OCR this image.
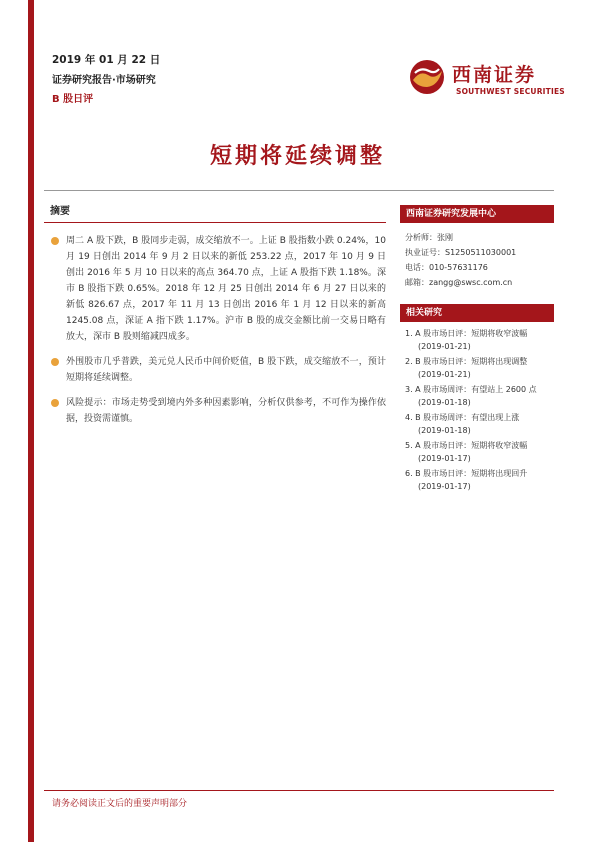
2019 年 01 月 22 日
证券研究报告·市场研究
B 股日评
西南证券
SOUTHWEST SECURITIES
短期将延续调整
摘要
周二 A 股下跌，B 股同步走弱，成交缩放不一。上证 B 股指数小跌 0.24%，10 月 19 日创出 2014 年 9 月 2 日以来的新低 253.22 点，2017 年 10 月 9 日创出 2016 年 5 月 10 日以来的高点 364.70 点，上证 A 股指下跌 1.18%。深市 B 股指下跌 0.65%。2018 年 12 月 25 日创出 2014 年 6 月 27 日以来的新低 826.67 点，2017 年 11 月 13 日创出 2016 年 1 月 12 日以来的新高 1245.08 点，深证 A 指下跌 1.17%。沪市 B 股的成交金额比前一交易日略有放大，深市 B 股则缩减四成多。
外围股市几乎普跌，美元兑人民币中间价贬值，B 股下跌，成交缩放不一，预计短期将延续调整。
风险提示：市场走势受到境内外多种因素影响，分析仅供参考，不可作为操作依据，投资需谨慎。
西南证券研究发展中心
分析师：张刚
执业证号：S1250511030001
电话：010-57631176
邮箱：zangg@swsc.com.cn
相关研究
1. A 股市场日评：短期将收窄波幅
(2019-01-21)
2. B 股市场日评：短期将出现调整
(2019-01-21)
3. A 股市场周评：有望站上 2600 点
(2019-01-18)
4. B 股市场周评：有望出现上涨
(2019-01-18)
5. A 股市场日评：短期将收窄波幅
(2019-01-17)
6. B 股市场日评：短期将出现回升
(2019-01-17)
请务必阅读正文后的重要声明部分
